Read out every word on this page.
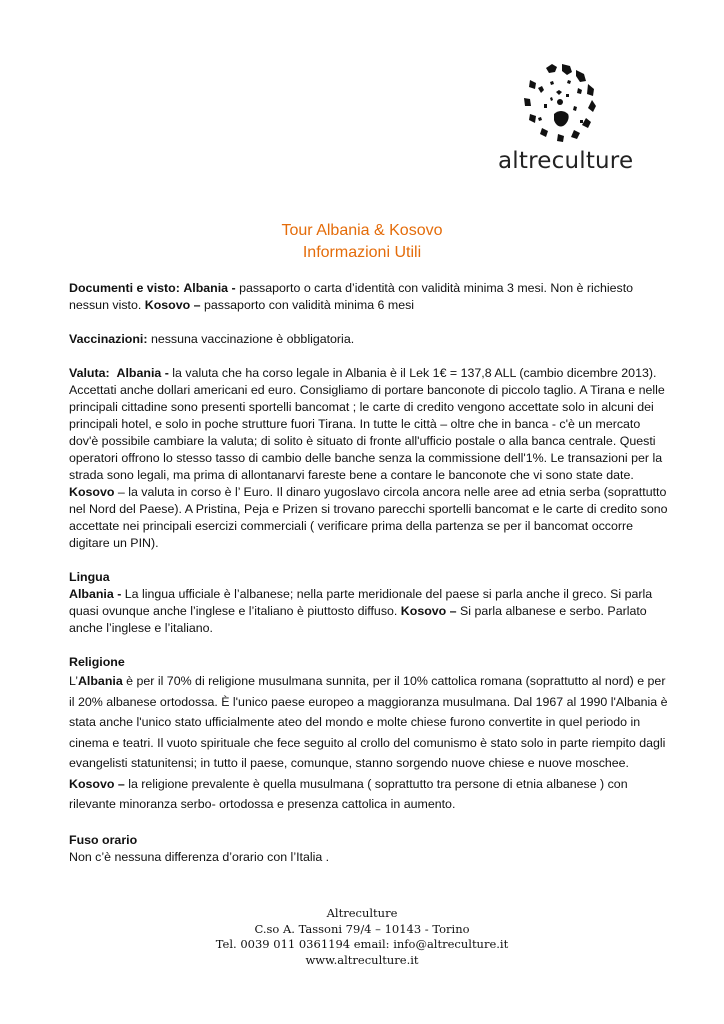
altreculture
Tour Albania & Kosovo
Informazioni Utili

Documenti e visto: Albania - passaporto o carta d’identità con validità minima 3 mesi. Non è richiesto nessun visto. Kosovo – passaporto con validità minima 6 mesi

Vaccinazioni: nessuna vaccinazione è obbligatoria.

Valuta: Albania - la valuta che ha corso legale in Albania è il Lek 1€ = 137,8 ALL (cambio dicembre 2013). Accettati anche dollari americani ed euro. Consigliamo di portare banconote di piccolo taglio. A Tirana e nelle principali cittadine sono presenti sportelli bancomat ; le carte di credito vengono accettate solo in alcuni dei principali hotel, e solo in poche strutture fuori Tirana. In tutte le città – oltre che in banca - c'è un mercato dov'è possibile cambiare la valuta; di solito è situato di fronte all'ufficio postale o alla banca centrale. Questi operatori offrono lo stesso tasso di cambio delle banche senza la commissione dell'1%. Le transazioni per la strada sono legali, ma prima di allontanarvi fareste bene a contare le banconote che vi sono state date. Kosovo – la valuta in corso è l’ Euro. Il dinaro yugoslavo circola ancora nelle aree ad etnia serba (soprattutto nel Nord del Paese). A Pristina, Peja e Prizen si trovano parecchi sportelli bancomat e le carte di credito sono accettate nei principali esercizi commerciali ( verificare prima della partenza se per il bancomat occorre digitare un PIN).

Lingua

Albania - La lingua ufficiale è l’albanese; nella parte meridionale del paese si parla anche il greco. Si parla quasi ovunque anche l’inglese e l’italiano è piuttosto diffuso. Kosovo – Si parla albanese e serbo. Parlato anche l’inglese e l’italiano.

Religione

L’Albania è per il 70% di religione musulmana sunnita, per il 10% cattolica romana (soprattutto al nord) e per il 20% albanese ortodossa. È l'unico paese europeo a maggioranza musulmana. Dal 1967 al 1990 l'Albania è stata anche l'unico stato ufficialmente ateo del mondo e molte chiese furono convertite in quel periodo in cinema e teatri. Il vuoto spirituale che fece seguito al crollo del comunismo è stato solo in parte riempito dagli evangelisti statunitensi; in tutto il paese, comunque, stanno sorgendo nuove chiese e nuove moschee. Kosovo – la religione prevalente è quella musulmana ( soprattutto tra persone di etnia albanese ) con rilevante minoranza serbo- ortodossa e presenza cattolica in aumento.

Fuso orario
Non c’è nessuna differenza d’orario con l’Italia .
Altreculture
C.so A. Tassoni 79/4 – 10143 - Torino
Tel. 0039 011 0361194 email: info@altreculture.it
www.altreculture.it
